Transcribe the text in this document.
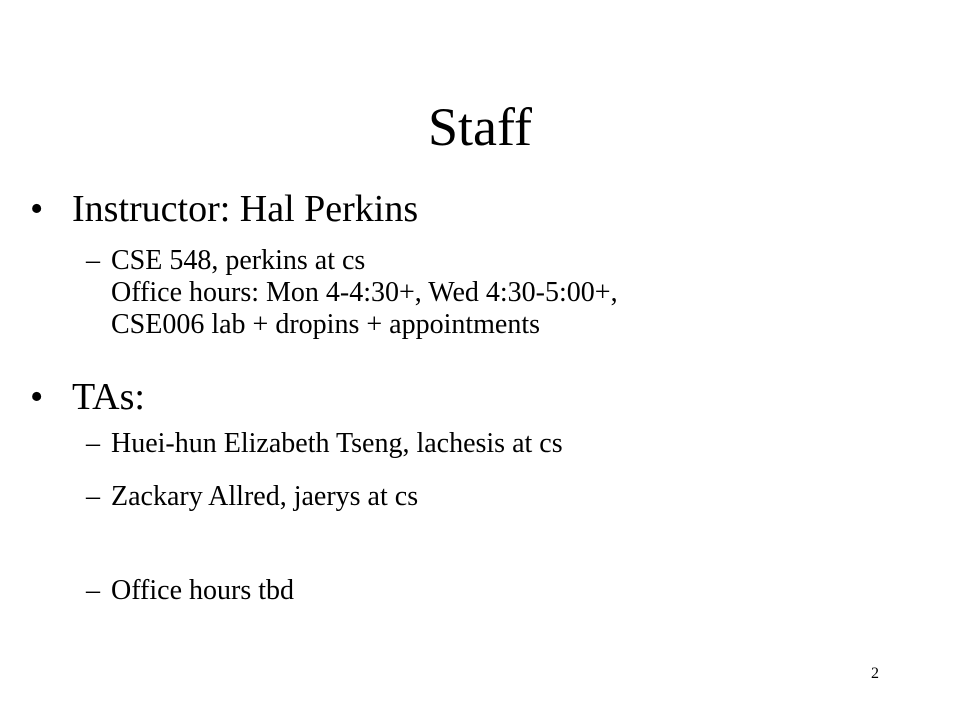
Staff
• Instructor: Hal Perkins
– CSE 548, perkins at cs
Office hours: Mon 4-4:30+, Wed 4:30-5:00+,
CSE006 lab + dropins + appointments
• TAs:
– Huei-hun Elizabeth Tseng, lachesis at cs
– Zackary Allred, jaerys at cs
– Office hours tbd
2
